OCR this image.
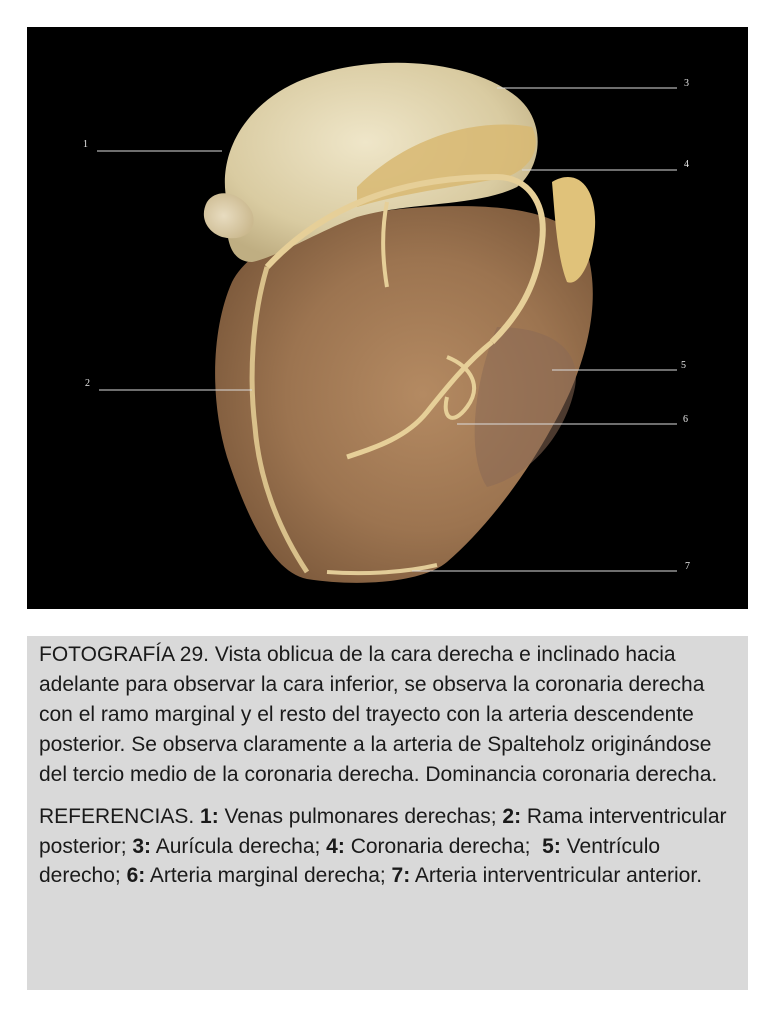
1
2
3
4
5
6
7

FOTOGRAFÍA 29. Vista oblicua de la cara derecha e inclinado hacia adelante para observar la cara inferior, se observa la coronaria derecha con el ramo marginal y el resto del trayecto con la arteria descendente posterior. Se observa claramente a la arteria de Spalteholz originándose del tercio medio de la coronaria derecha. Dominancia coronaria derecha.

REFERENCIAS. 1: Venas pulmonares derechas; 2: Rama interventricular posterior; 3: Aurícula derecha; 4: Coronaria derecha;  5: Ventrículo derecho; 6: Arteria marginal derecha; 7: Arteria interventricular anterior.
